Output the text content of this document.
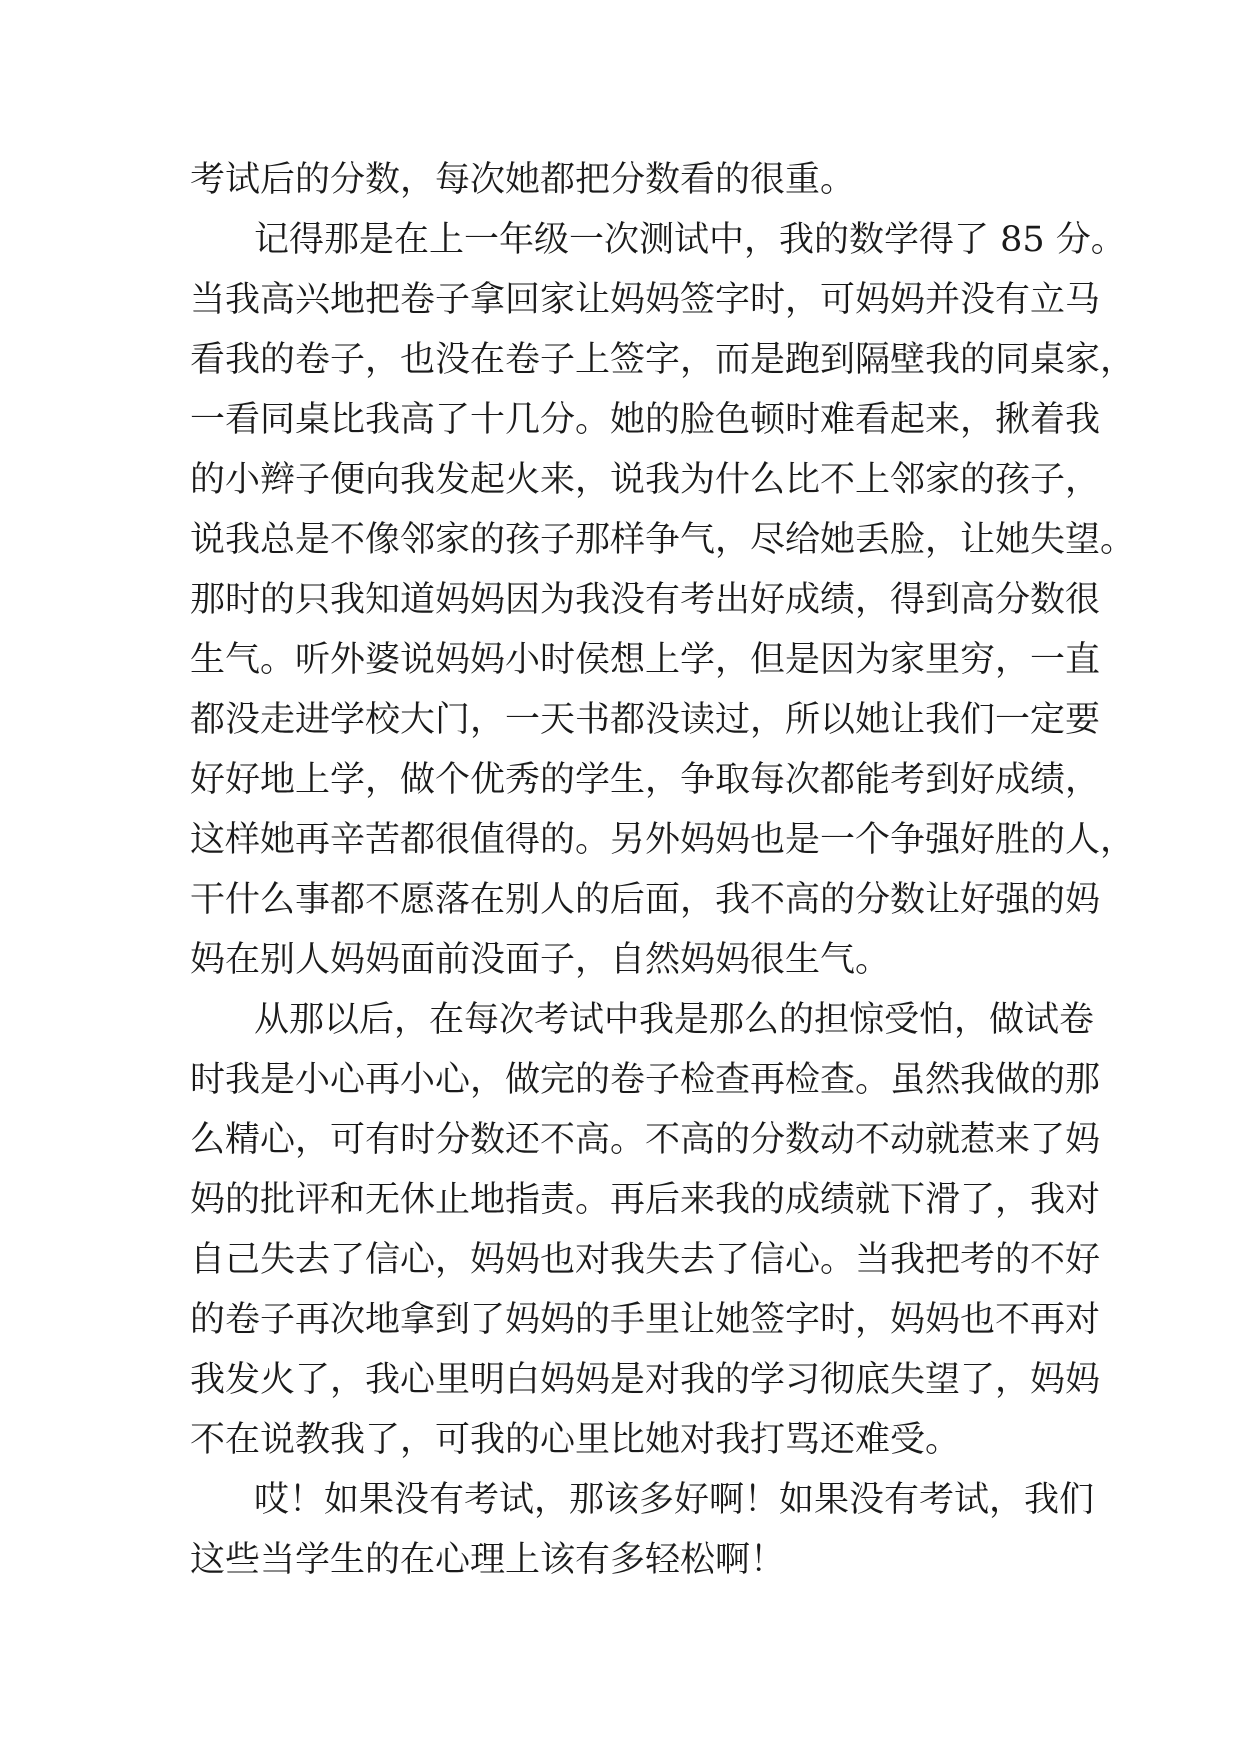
考试后的分数，每次她都把分数看的很重。
记得那是在上一年级一次测试中，我的数学得了 85 分。
当我高兴地把卷子拿回家让妈妈签字时，可妈妈并没有立马
看我的卷子，也没在卷子上签字，而是跑到隔壁我的同桌家，
一看同桌比我高了十几分。她的脸色顿时难看起来，揪着我
的小辫子便向我发起火来，说我为什么比不上邻家的孩子，
说我总是不像邻家的孩子那样争气，尽给她丢脸，让她失望。
那时的只我知道妈妈因为我没有考出好成绩，得到高分数很
生气。听外婆说妈妈小时侯想上学，但是因为家里穷，一直
都没走进学校大门，一天书都没读过，所以她让我们一定要
好好地上学，做个优秀的学生，争取每次都能考到好成绩，
这样她再辛苦都很值得的。另外妈妈也是一个争强好胜的人，
干什么事都不愿落在别人的后面，我不高的分数让好强的妈
妈在别人妈妈面前没面子，自然妈妈很生气。
从那以后，在每次考试中我是那么的担惊受怕，做试卷
时我是小心再小心，做完的卷子检查再检查。虽然我做的那
么精心，可有时分数还不高。不高的分数动不动就惹来了妈
妈的批评和无休止地指责。再后来我的成绩就下滑了，我对
自己失去了信心，妈妈也对我失去了信心。当我把考的不好
的卷子再次地拿到了妈妈的手里让她签字时，妈妈也不再对
我发火了，我心里明白妈妈是对我的学习彻底失望了，妈妈
不在说教我了，可我的心里比她对我打骂还难受。
哎！如果没有考试，那该多好啊！如果没有考试，我们
这些当学生的在心理上该有多轻松啊！
